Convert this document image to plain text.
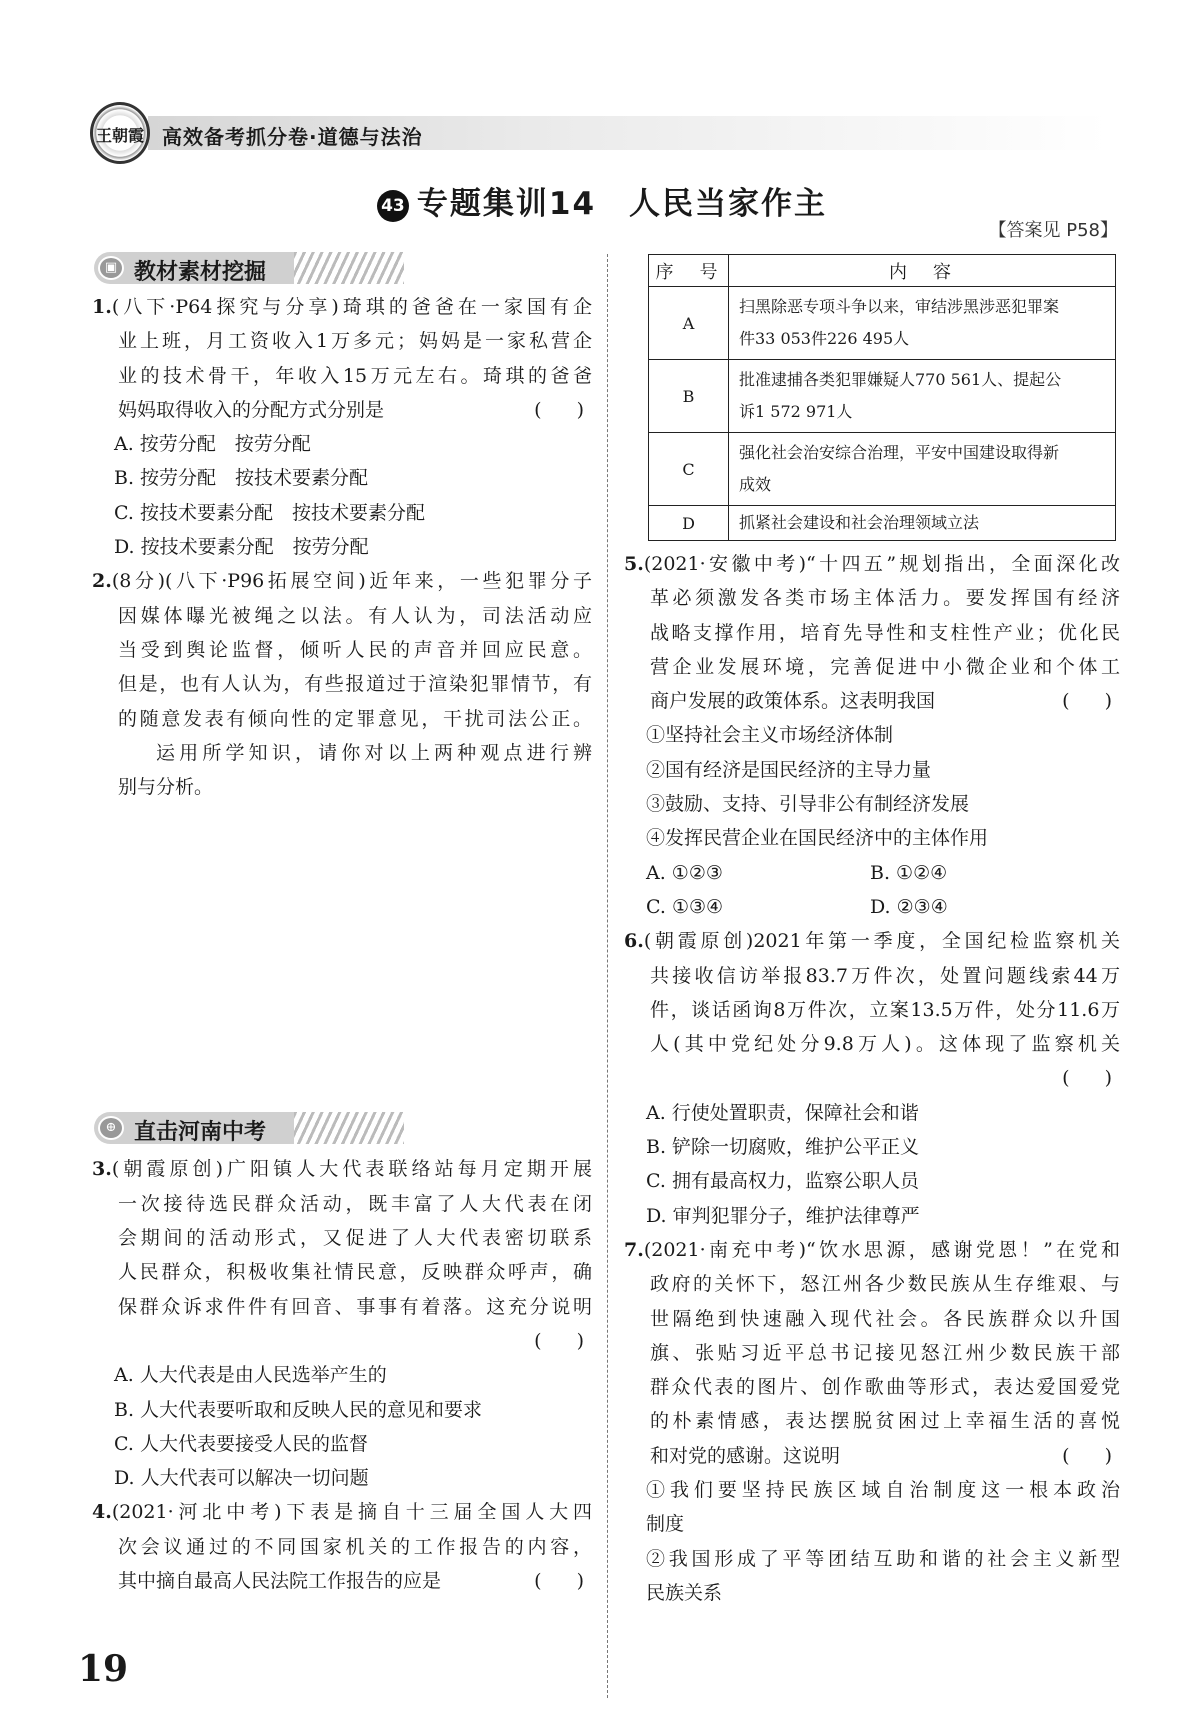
王朝霞 高效备考抓分卷·道德与法治
43 专题集训14　人民当家作主
【答案见 P58】
▣ 教材素材挖掘

1.(八下·P64探究与分享)琦琪的爸爸在一家国有企

业上班，月工资收入1万多元；妈妈是一家私营企

业的技术骨干，年收入15万元左右。琦琪的爸爸

妈妈取得收入的分配方式分别是	(　)

A. 按劳分配　按劳分配

B. 按劳分配　按技术要素分配

C. 按技术要素分配　按技术要素分配

D. 按技术要素分配　按劳分配

2.(8分)(八下·P96拓展空间)近年来，一些犯罪分子

因媒体曝光被绳之以法。有人认为，司法活动应

当受到舆论监督，倾听人民的声音并回应民意。

但是，也有人认为，有些报道过于渲染犯罪情节，有

的随意发表有倾向性的定罪意见，干扰司法公正。

运用所学知识，请你对以上两种观点进行辨

别与分析。

⊕ 直击河南中考

3.(朝霞原创)广阳镇人大代表联络站每月定期开展

一次接待选民群众活动，既丰富了人大代表在闭

会期间的活动形式，又促进了人大代表密切联系

人民群众，积极收集社情民意，反映群众呼声，确

保群众诉求件件有回音、事事有着落。这充分说明

(　)

A. 人大代表是由人民选举产生的

B. 人大代表要听取和反映人民的意见和要求

C. 人大代表要接受人民的监督

D. 人大代表可以解决一切问题

4.(2021·河北中考)下表是摘自十三届全国人大四

次会议通过的不同国家机关的工作报告的内容，

其中摘自最高人民法院工作报告的应是	(　)

序　号	内　容
A	扫黑除恶专项斗争以来，审结涉黑涉恶犯罪案
件33 053件226 495人
B	批准逮捕各类犯罪嫌疑人770 561人、提起公
诉1 572 971人
C	强化社会治安综合治理，平安中国建设取得新
成效
D	抓紧社会建设和社会治理领域立法

5.(2021·安徽中考)“十四五”规划指出，全面深化改

革必须激发各类市场主体活力。要发挥国有经济

战略支撑作用，培育先导性和支柱性产业；优化民

营企业发展环境，完善促进中小微企业和个体工

商户发展的政策体系。这表明我国	(　)

①坚持社会主义市场经济体制

②国有经济是国民经济的主导力量

③鼓励、支持、引导非公有制经济发展

④发挥民营企业在国民经济中的主体作用

A. ①②③	B. ①②④
C. ①③④	D. ②③④

6.(朝霞原创)2021年第一季度，全国纪检监察机关

共接收信访举报83.7万件次，处置问题线索44万

件，谈话函询8万件次，立案13.5万件，处分11.6万

人(其中党纪处分9.8万人)。这体现了监察机关

(　)

A. 行使处置职责，保障社会和谐

B. 铲除一切腐败，维护公平正义

C. 拥有最高权力，监察公职人员

D. 审判犯罪分子，维护法律尊严

7.(2021·南充中考)“饮水思源，感谢党恩！”在党和

政府的关怀下，怒江州各少数民族从生存维艰、与

世隔绝到快速融入现代社会。各民族群众以升国

旗、张贴习近平总书记接见怒江州少数民族干部

群众代表的图片、创作歌曲等形式，表达爱国爱党

的朴素情感，表达摆脱贫困过上幸福生活的喜悦

和对党的感谢。这说明	(　)

①我们要坚持民族区域自治制度这一根本政治

制度

②我国形成了平等团结互助和谐的社会主义新型

民族关系

19
